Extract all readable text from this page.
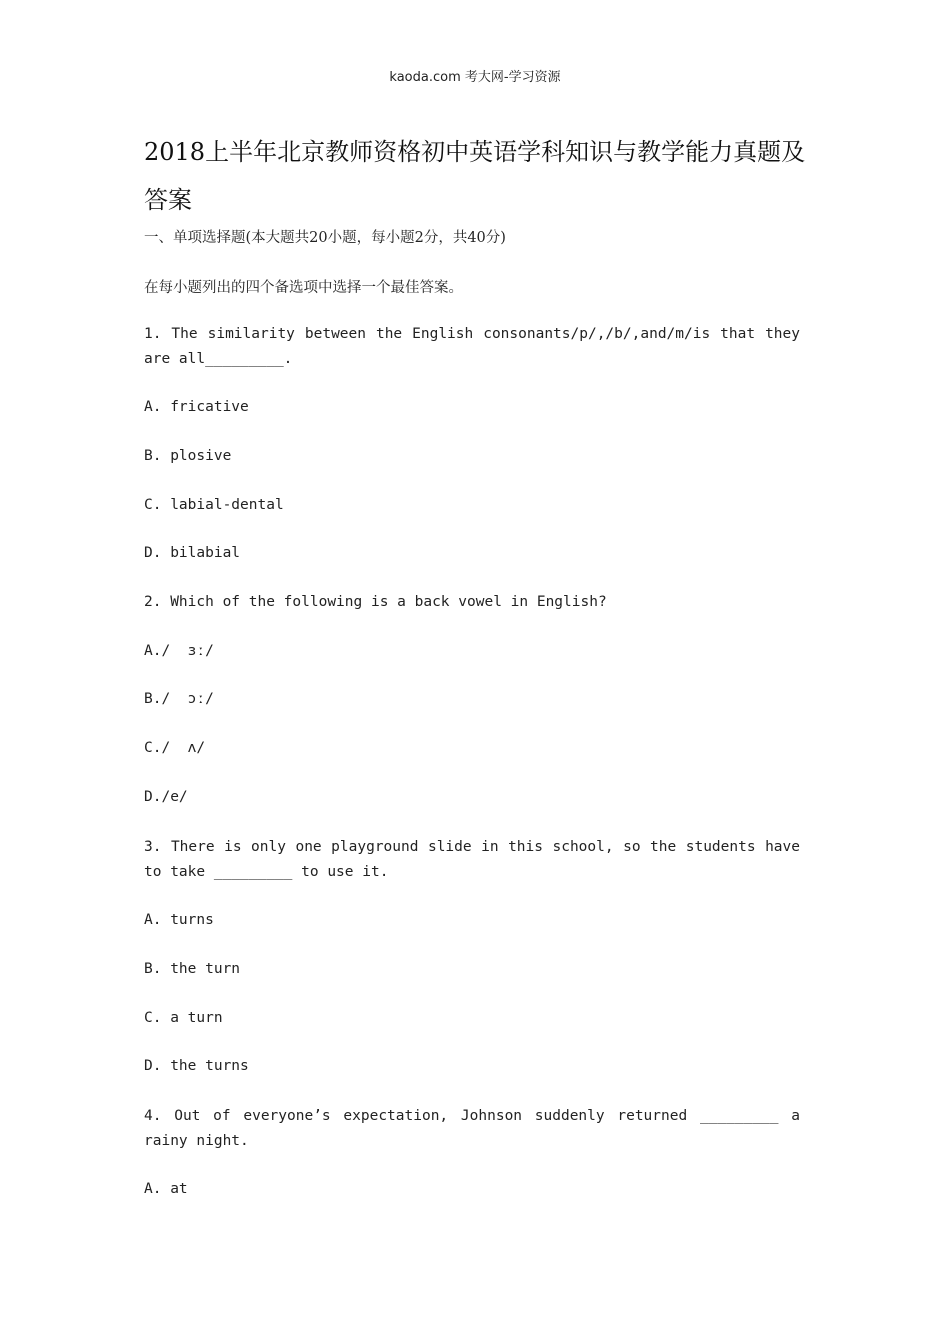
kaoda.com 考大网-学习资源
2018上半年北京教师资格初中英语学科知识与教学能力真题及答案
一、单项选择题(本大题共20小题，每小题2分，共40分)
在每小题列出的四个备选项中选择一个最佳答案。
1. The similarity between the English consonants/p/,/b/,and/m/is that they are all_________.
A. fricative
B. plosive
C. labial-dental
D. bilabial
2. Which of the following is a back vowel in English?
A./  ɜː/
B./  ɔː/
C./  ʌ/
D./e/
3. There is only one playground slide in this school, so the students have to take _________ to use it.
A. turns
B. the turn
C. a turn
D. the turns
4. Out of everyone’s expectation, Johnson suddenly returned _________ a rainy night.
A. at
